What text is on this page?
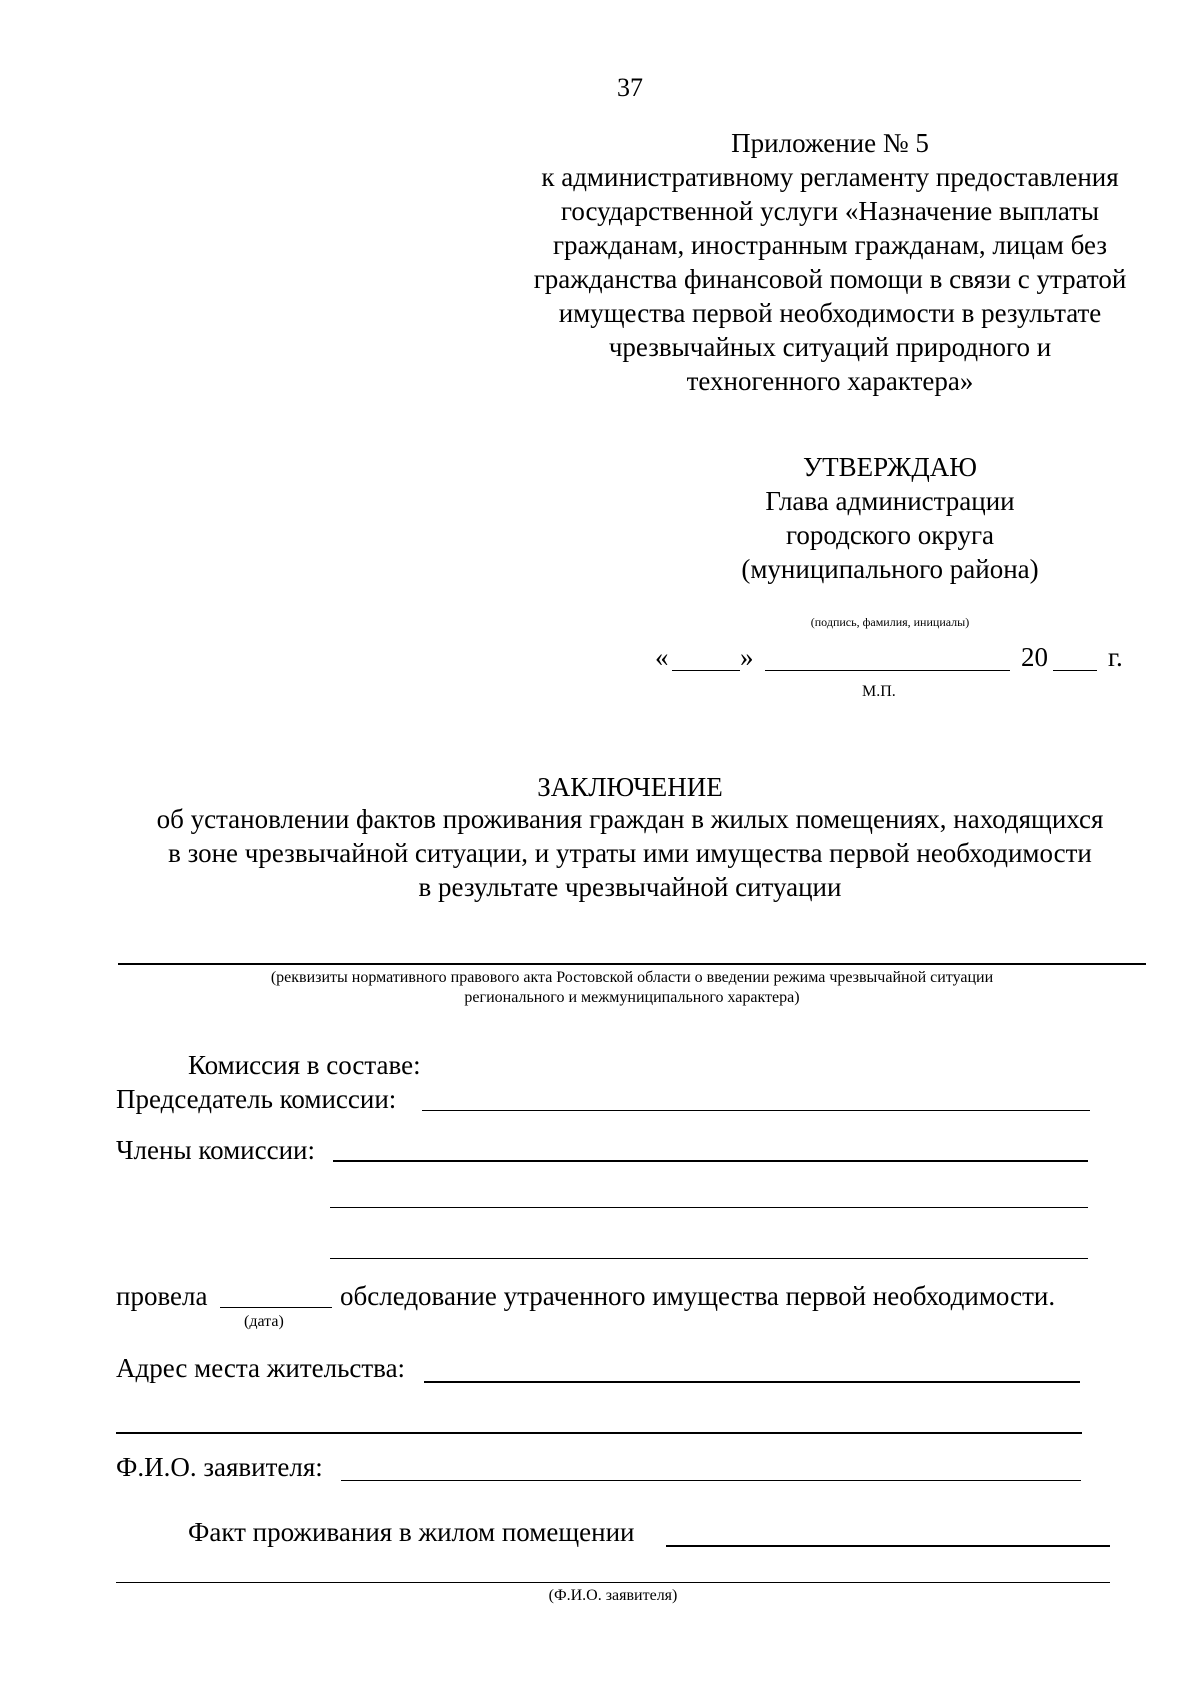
37
Приложение № 5
к административному регламенту предоставления
государственной услуги «Назначение выплаты
гражданам, иностранным гражданам, лицам без
гражданства финансовой помощи в связи с утратой
имущества первой необходимости в результате
чрезвычайных ситуаций природного и
техногенного характера»
УТВЕРЖДАЮ
Глава администрации
городского округа
(муниципального района)
(подпись, фамилия, инициалы)
«	»	20 г.
М.П.
ЗАКЛЮЧЕНИЕ
об установлении фактов проживания граждан в жилых помещениях, находящихся
в зоне чрезвычайной ситуации, и утраты ими имущества первой необходимости
в результате чрезвычайной ситуации
(реквизиты нормативного правового акта Ростовской области о введении режима чрезвычайной ситуации
регионального и межмуниципального характера)
Комиссия в составе:
Председатель комиссии:
Члены комиссии:
провела	обследование утраченного имущества первой необходимости.
(дата)
Адрес места жительства:
Ф.И.О. заявителя:
Факт проживания в жилом помещении
(Ф.И.О. заявителя)
